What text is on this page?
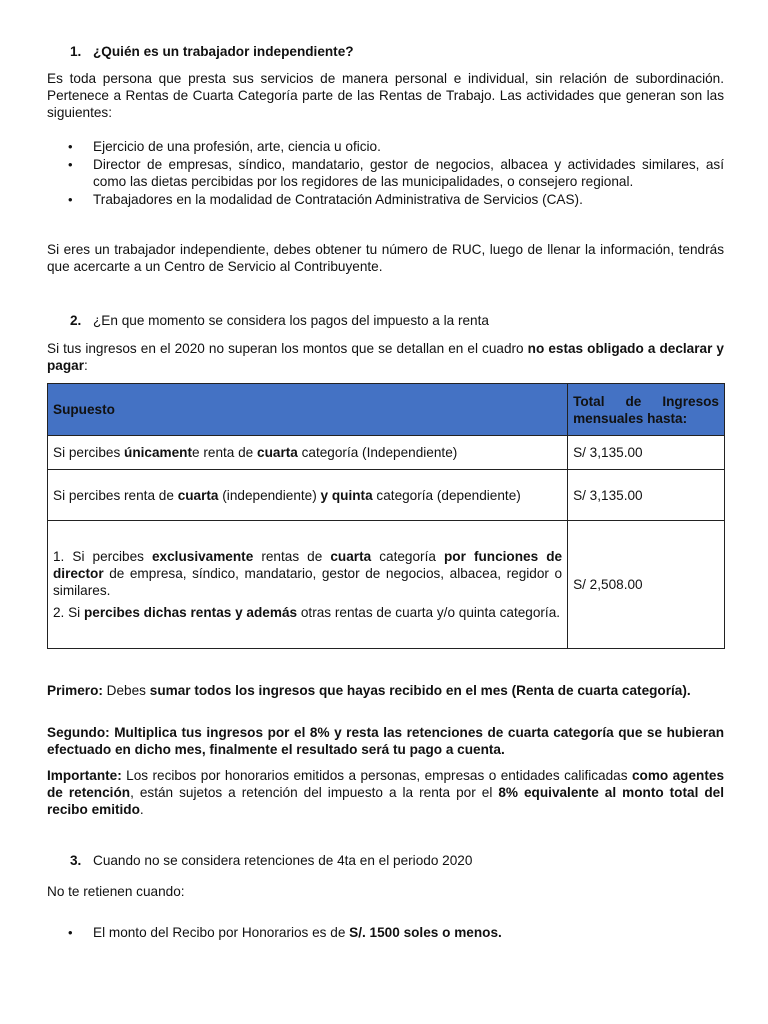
1. ¿Quién es un trabajador independiente?

Es toda persona que presta sus servicios de manera personal e individual, sin relación de subordinación. Pertenece a Rentas de Cuarta Categoría parte de las Rentas de Trabajo. Las actividades que generan son las siguientes:

• Ejercicio de una profesión, arte, ciencia u oficio.
• Director de empresas, síndico, mandatario, gestor de negocios, albacea y actividades similares, así como las dietas percibidas por los regidores de las municipalidades, o consejero regional.
• Trabajadores en la modalidad de Contratación Administrativa de Servicios (CAS).

Si eres un trabajador independiente, debes obtener tu número de RUC, luego de llenar la información, tendrás que acercarte a un Centro de Servicio al Contribuyente.

2. ¿En que momento se considera los pagos del impuesto a la renta

Si tus ingresos en el 2020 no superan los montos que se detallan en el cuadro no estas obligado a declarar y pagar:

Supuesto	Total de Ingresos mensuales hasta:
Si percibes únicamente renta de cuarta categoría (Independiente)	S/ 3,135.00
Si percibes renta de cuarta (independiente) y quinta categoría (dependiente)	S/ 3,135.00

1. Si percibes exclusivamente rentas de cuarta categoría por funciones de director de empresa, síndico, mandatario, gestor de negocios, albacea, regidor o similares.
2. Si percibes dichas rentas y además otras rentas de cuarta y/o quinta categoría.	S/ 2,508.00

Primero: Debes sumar todos los ingresos que hayas recibido en el mes (Renta de cuarta categoría).

Segundo: Multiplica tus ingresos por el 8% y resta las retenciones de cuarta categoría que se hubieran efectuado en dicho mes, finalmente el resultado será tu pago a cuenta.

Importante: Los recibos por honorarios emitidos a personas, empresas o entidades calificadas como agentes de retención, están sujetos a retención del impuesto a la renta por el 8% equivalente al monto total del recibo emitido.

3. Cuando no se considera retenciones de 4ta en el periodo 2020

No te retienen cuando:

• El monto del Recibo por Honorarios es de S/. 1500 soles o menos.
